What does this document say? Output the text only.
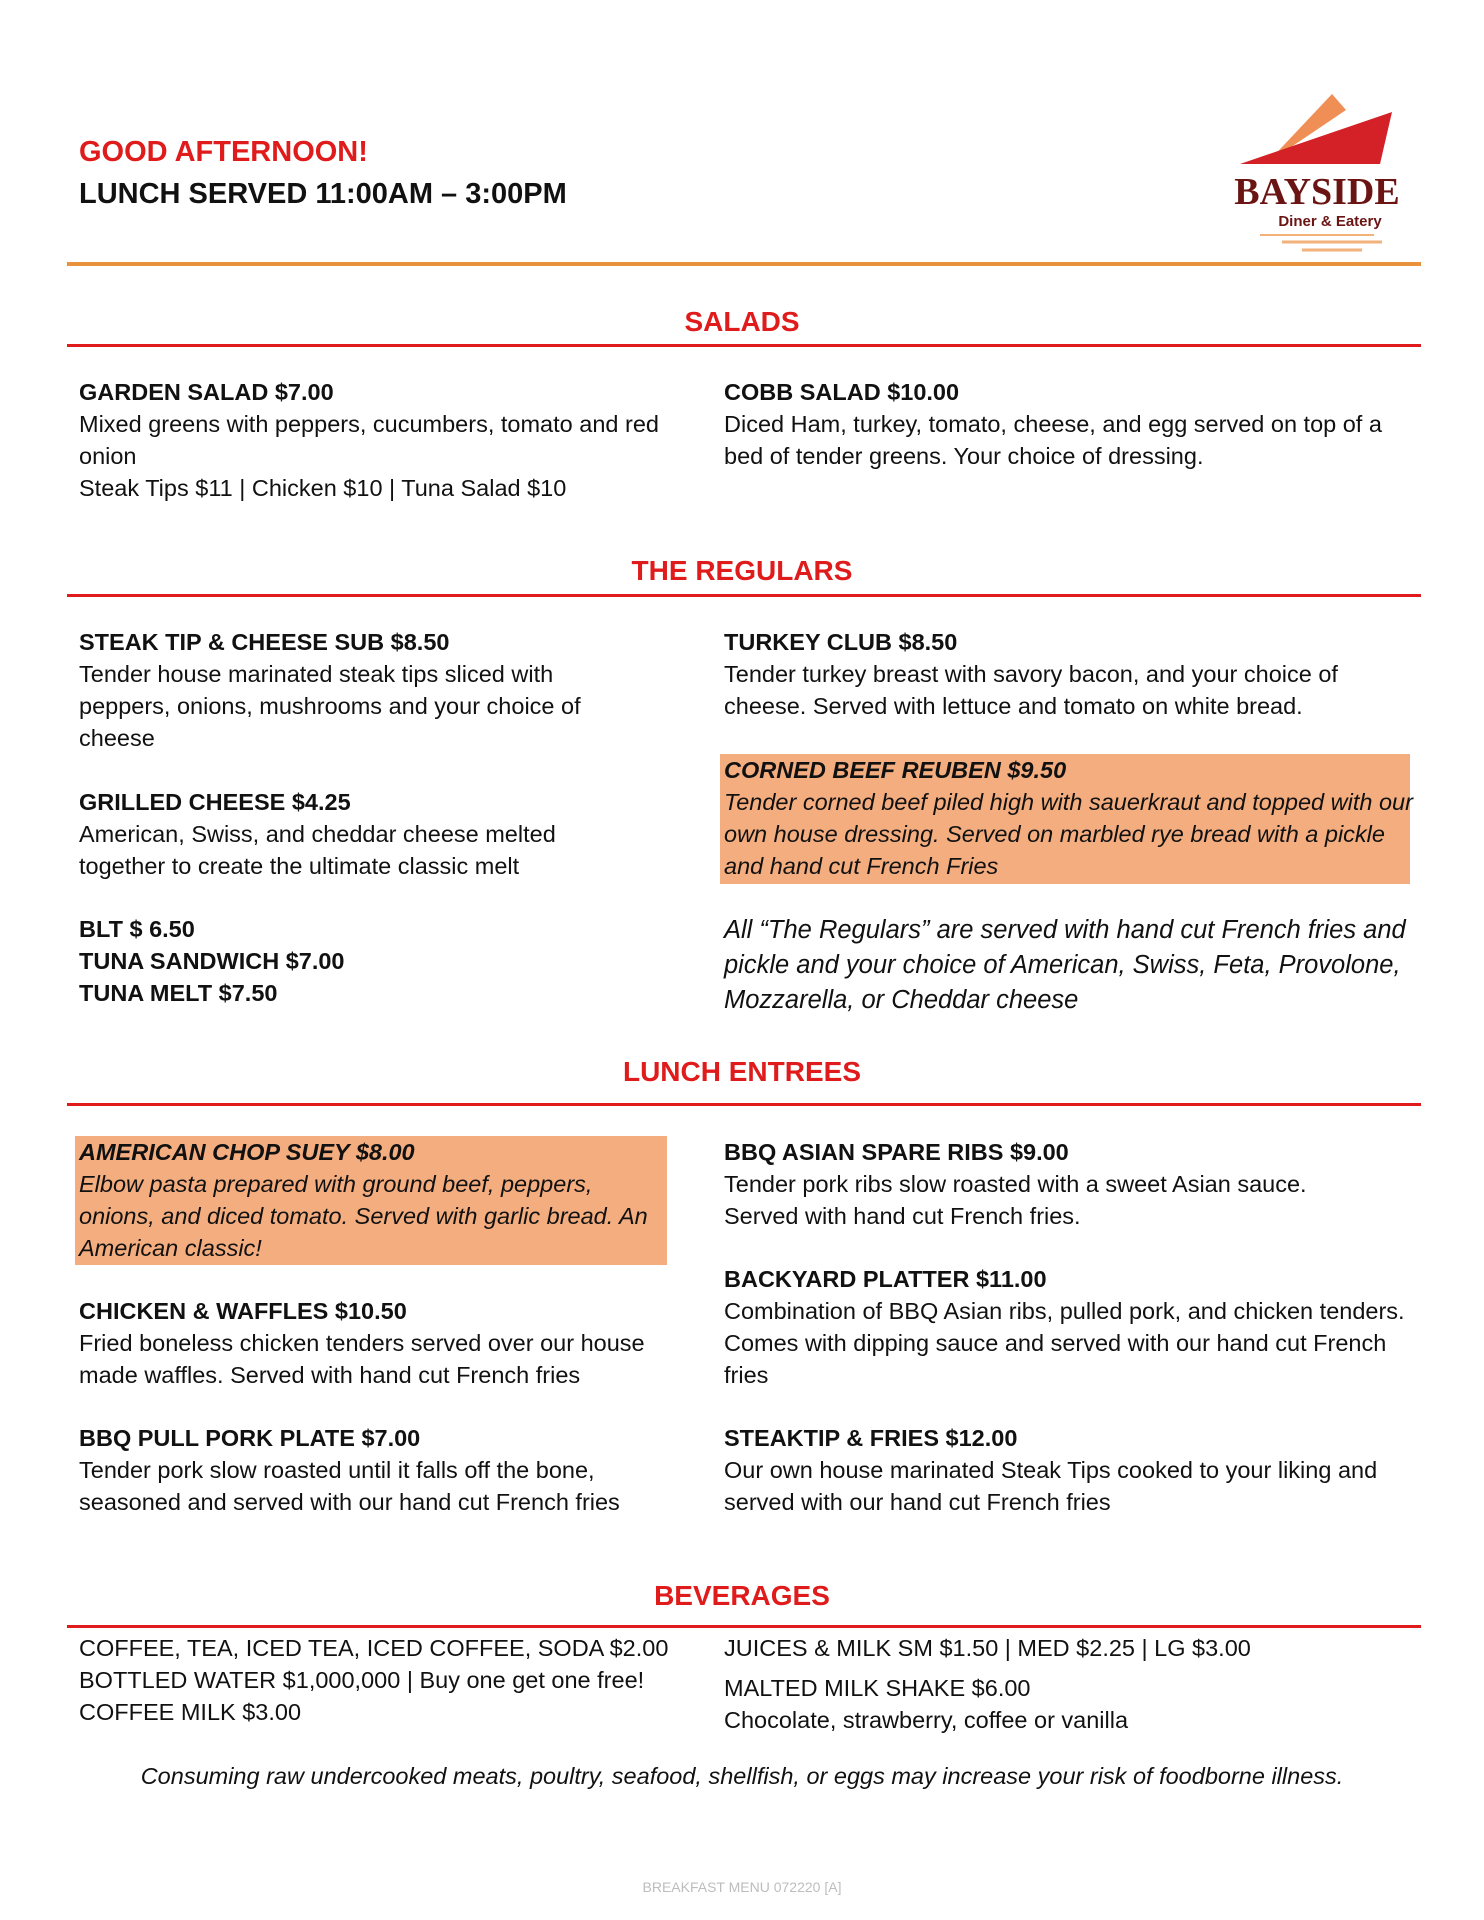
GOOD AFTERNOON!
LUNCH SERVED 11:00AM – 3:00PM	BAYSIDE
Diner & Eatery
SALADS
GARDEN SALAD $7.00
Mixed greens with peppers, cucumbers, tomato and red onion
Steak Tips $11 | Chicken $10 | Tuna Salad $10
COBB SALAD $10.00
Diced Ham, turkey, tomato, cheese, and egg served on top of a bed of tender greens. Your choice of dressing.
THE REGULARS
STEAK TIP & CHEESE SUB $8.50
Tender house marinated steak tips sliced with peppers, onions, mushrooms and your choice of cheese
GRILLED CHEESE $4.25
American, Swiss, and cheddar cheese melted together to create the ultimate classic melt
BLT $ 6.50
TUNA SANDWICH $7.00
TUNA MELT $7.50
TURKEY CLUB $8.50
Tender turkey breast with savory bacon, and your choice of cheese. Served with lettuce and tomato on white bread.
CORNED BEEF REUBEN $9.50
Tender corned beef piled high with sauerkraut and topped with our own house dressing. Served on marbled rye bread with a pickle and hand cut French Fries
All “The Regulars” are served with hand cut French fries and pickle and your choice of American, Swiss, Feta, Provolone, Mozzarella, or Cheddar cheese
LUNCH ENTREES
AMERICAN CHOP SUEY $8.00
Elbow pasta prepared with ground beef, peppers, onions, and diced tomato. Served with garlic bread. An American classic!
CHICKEN & WAFFLES $10.50
Fried boneless chicken tenders served over our house made waffles. Served with hand cut French fries
BBQ PULL PORK PLATE $7.00
Tender pork slow roasted until it falls off the bone, seasoned and served with our hand cut French fries
BBQ ASIAN SPARE RIBS $9.00
Tender pork ribs slow roasted with a sweet Asian sauce. Served with hand cut French fries.
BACKYARD PLATTER $11.00
Combination of BBQ Asian ribs, pulled pork, and chicken tenders. Comes with dipping sauce and served with our hand cut French fries
STEAKTIP & FRIES $12.00
Our own house marinated Steak Tips cooked to your liking and served with our hand cut French fries
BEVERAGES
COFFEE, TEA, ICED TEA, ICED COFFEE, SODA $2.00
BOTTLED WATER $1,000,000 | Buy one get one free!
COFFEE MILK $3.00
JUICES & MILK SM $1.50 | MED $2.25 | LG $3.00
MALTED MILK SHAKE $6.00
Chocolate, strawberry, coffee or vanilla
Consuming raw undercooked meats, poultry, seafood, shellfish, or eggs may increase your risk of foodborne illness.
BREAKFAST MENU 072220 [A]
